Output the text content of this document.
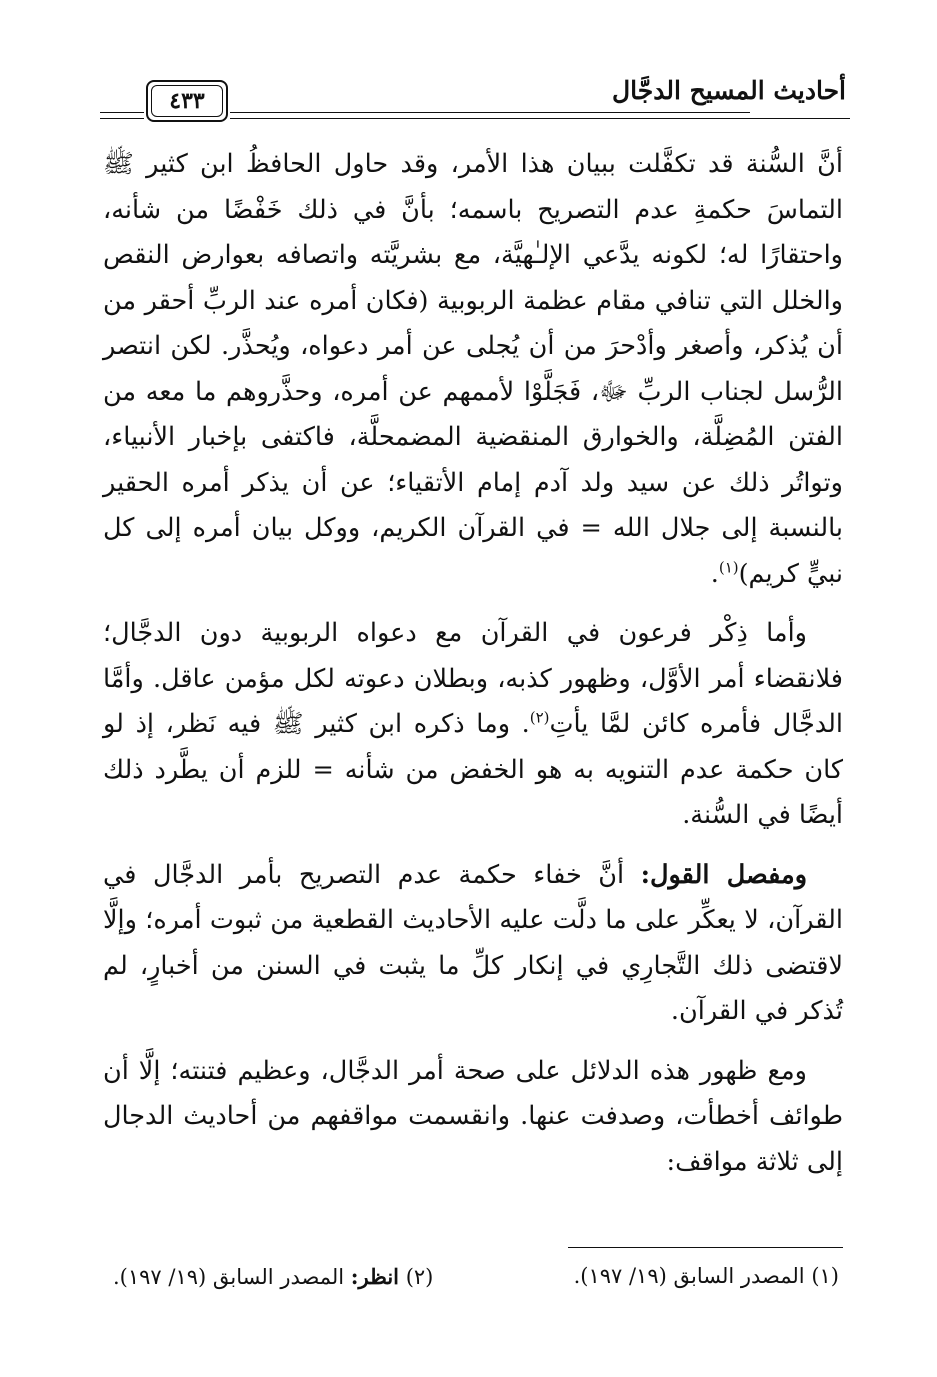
أحاديث المسيح الدجَّال
٤٣٣

أنَّ السُّنة قد تكفَّلت ببيان هذا الأمر، وقد حاول الحافظُ ابن كثير ﷺ التماسَ حكمةِ عدم التصريح باسمه؛ بأنَّ في ذلك خَفْضًا من شأنه، واحتقارًا له؛ لكونه يدَّعي الإلـٰهيَّة، مع بشريَّته واتصافه بعوارض النقص والخلل التي تنافي مقام عظمة الربوبية (فكان أمره عند الربِّ أحقر من أن يُذكر، وأصغر وأدْحرَ من أن يُجلى عن أمر دعواه، ويُحذَّر. لكن انتصر الرُّسل لجناب الربِّ ﷻ، فَجَلَّوْا لأممهم عن أمره، وحذَّروهم ما معه من الفتن المُضِلَّة، والخوارق المنقضية المضمحلَّة، فاكتفى بإخبار الأنبياء، وتواتُر ذلك عن سيد ولد آدم إمام الأتقياء؛ عن أن يذكر أمره الحقير بالنسبة إلى جلال الله = في القرآن الكريم، ووكل بيان أمره إلى كل نبيٍّ كريم)$^{(١)}$.

وأما ذِكْر فرعون في القرآن مع دعواه الربوبية دون الدجَّال؛ فلانقضاء أمر الأوَّل، وظهور كذبه، وبطلان دعوته لكل مؤمن عاقل. وأمَّا الدجَّال فأمره كائن لمَّا يأتِ$^{(٢)}$. وما ذكره ابن كثير ﷺ فيه نَظر، إذ لو كان حكمة عدم التنويه به هو الخفض من شأنه = للزم أن يطَّرد ذلك أيضًا في السُّنة.

ومفصل القول: أنَّ خفاء حكمة عدم التصريح بأمر الدجَّال في القرآن، لا يعكِّر على ما دلَّت عليه الأحاديث القطعية من ثبوت أمره؛ وإلَّا لاقتضى ذلك التَّجارِي في إنكار كلِّ ما يثبت في السنن من أخبارٍ، لم تُذكر في القرآن.

ومع ظهور هذه الدلائل على صحة أمر الدجَّال، وعظيم فتنته؛ إلَّا أن طوائف أخطأت، وصدفت عنها. وانقسمت مواقفهم من أحاديث الدجال إلى ثلاثة مواقف:

(١) المصدر السابق (١٩/ ١٩٧).
(٢) انظر: المصدر السابق (١٩/ ١٩٧).
